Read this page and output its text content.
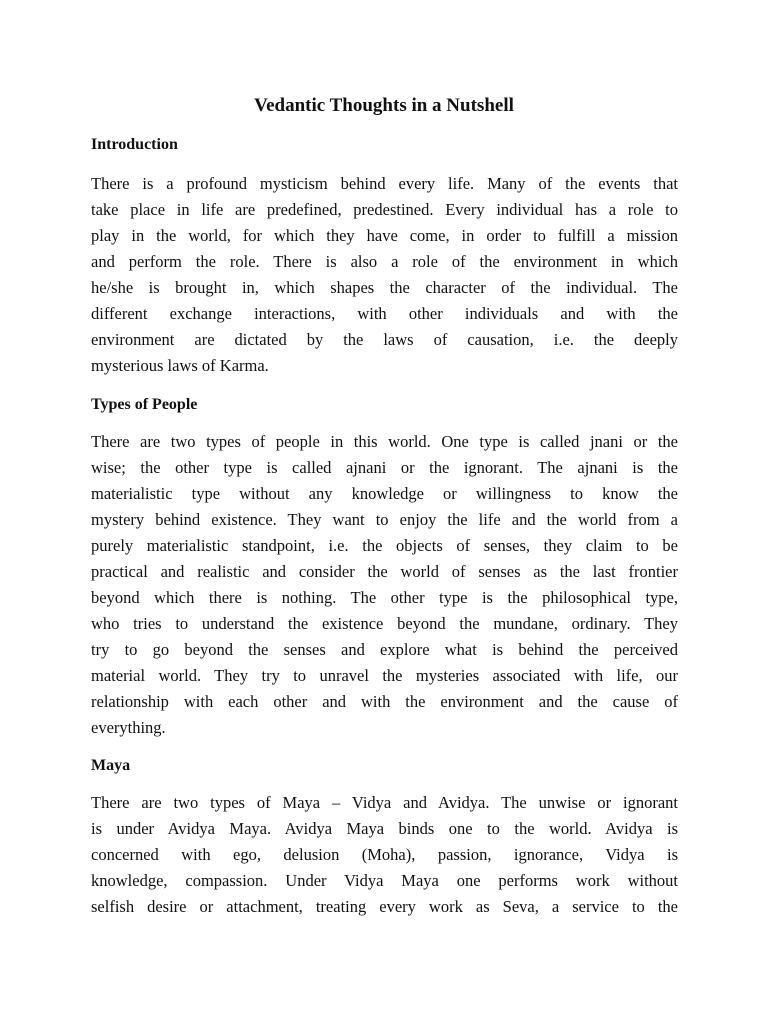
Vedantic Thoughts in a Nutshell
Introduction
There is a profound mysticism behind every life. Many of the events that
take place in life are predefined, predestined. Every individual has a role to
play in the world, for which they have come, in order to fulfill a mission
and perform the role. There is also a role of the environment in which
he/she is brought in, which shapes the character of the individual. The
different exchange interactions, with other individuals and with the
environment are dictated by the laws of causation, i.e. the deeply
mysterious laws of Karma.
Types of People
There are two types of people in this world. One type is called jnani or the
wise; the other type is called ajnani or the ignorant. The ajnani is the
materialistic type without any knowledge or willingness to know the
mystery behind existence. They want to enjoy the life and the world from a
purely materialistic standpoint, i.e. the objects of senses, they claim to be
practical and realistic and consider the world of senses as the last frontier
beyond which there is nothing. The other type is the philosophical type,
who tries to understand the existence beyond the mundane, ordinary. They
try to go beyond the senses and explore what is behind the perceived
material world. They try to unravel the mysteries associated with life, our
relationship with each other and with the environment and the cause of
everything.
Maya
There are two types of Maya – Vidya and Avidya. The unwise or ignorant
is under Avidya Maya. Avidya Maya binds one to the world. Avidya is
concerned with ego, delusion (Moha), passion, ignorance, Vidya is
knowledge, compassion. Under Vidya Maya one performs work without
selfish desire or attachment, treating every work as Seva, a service to the
